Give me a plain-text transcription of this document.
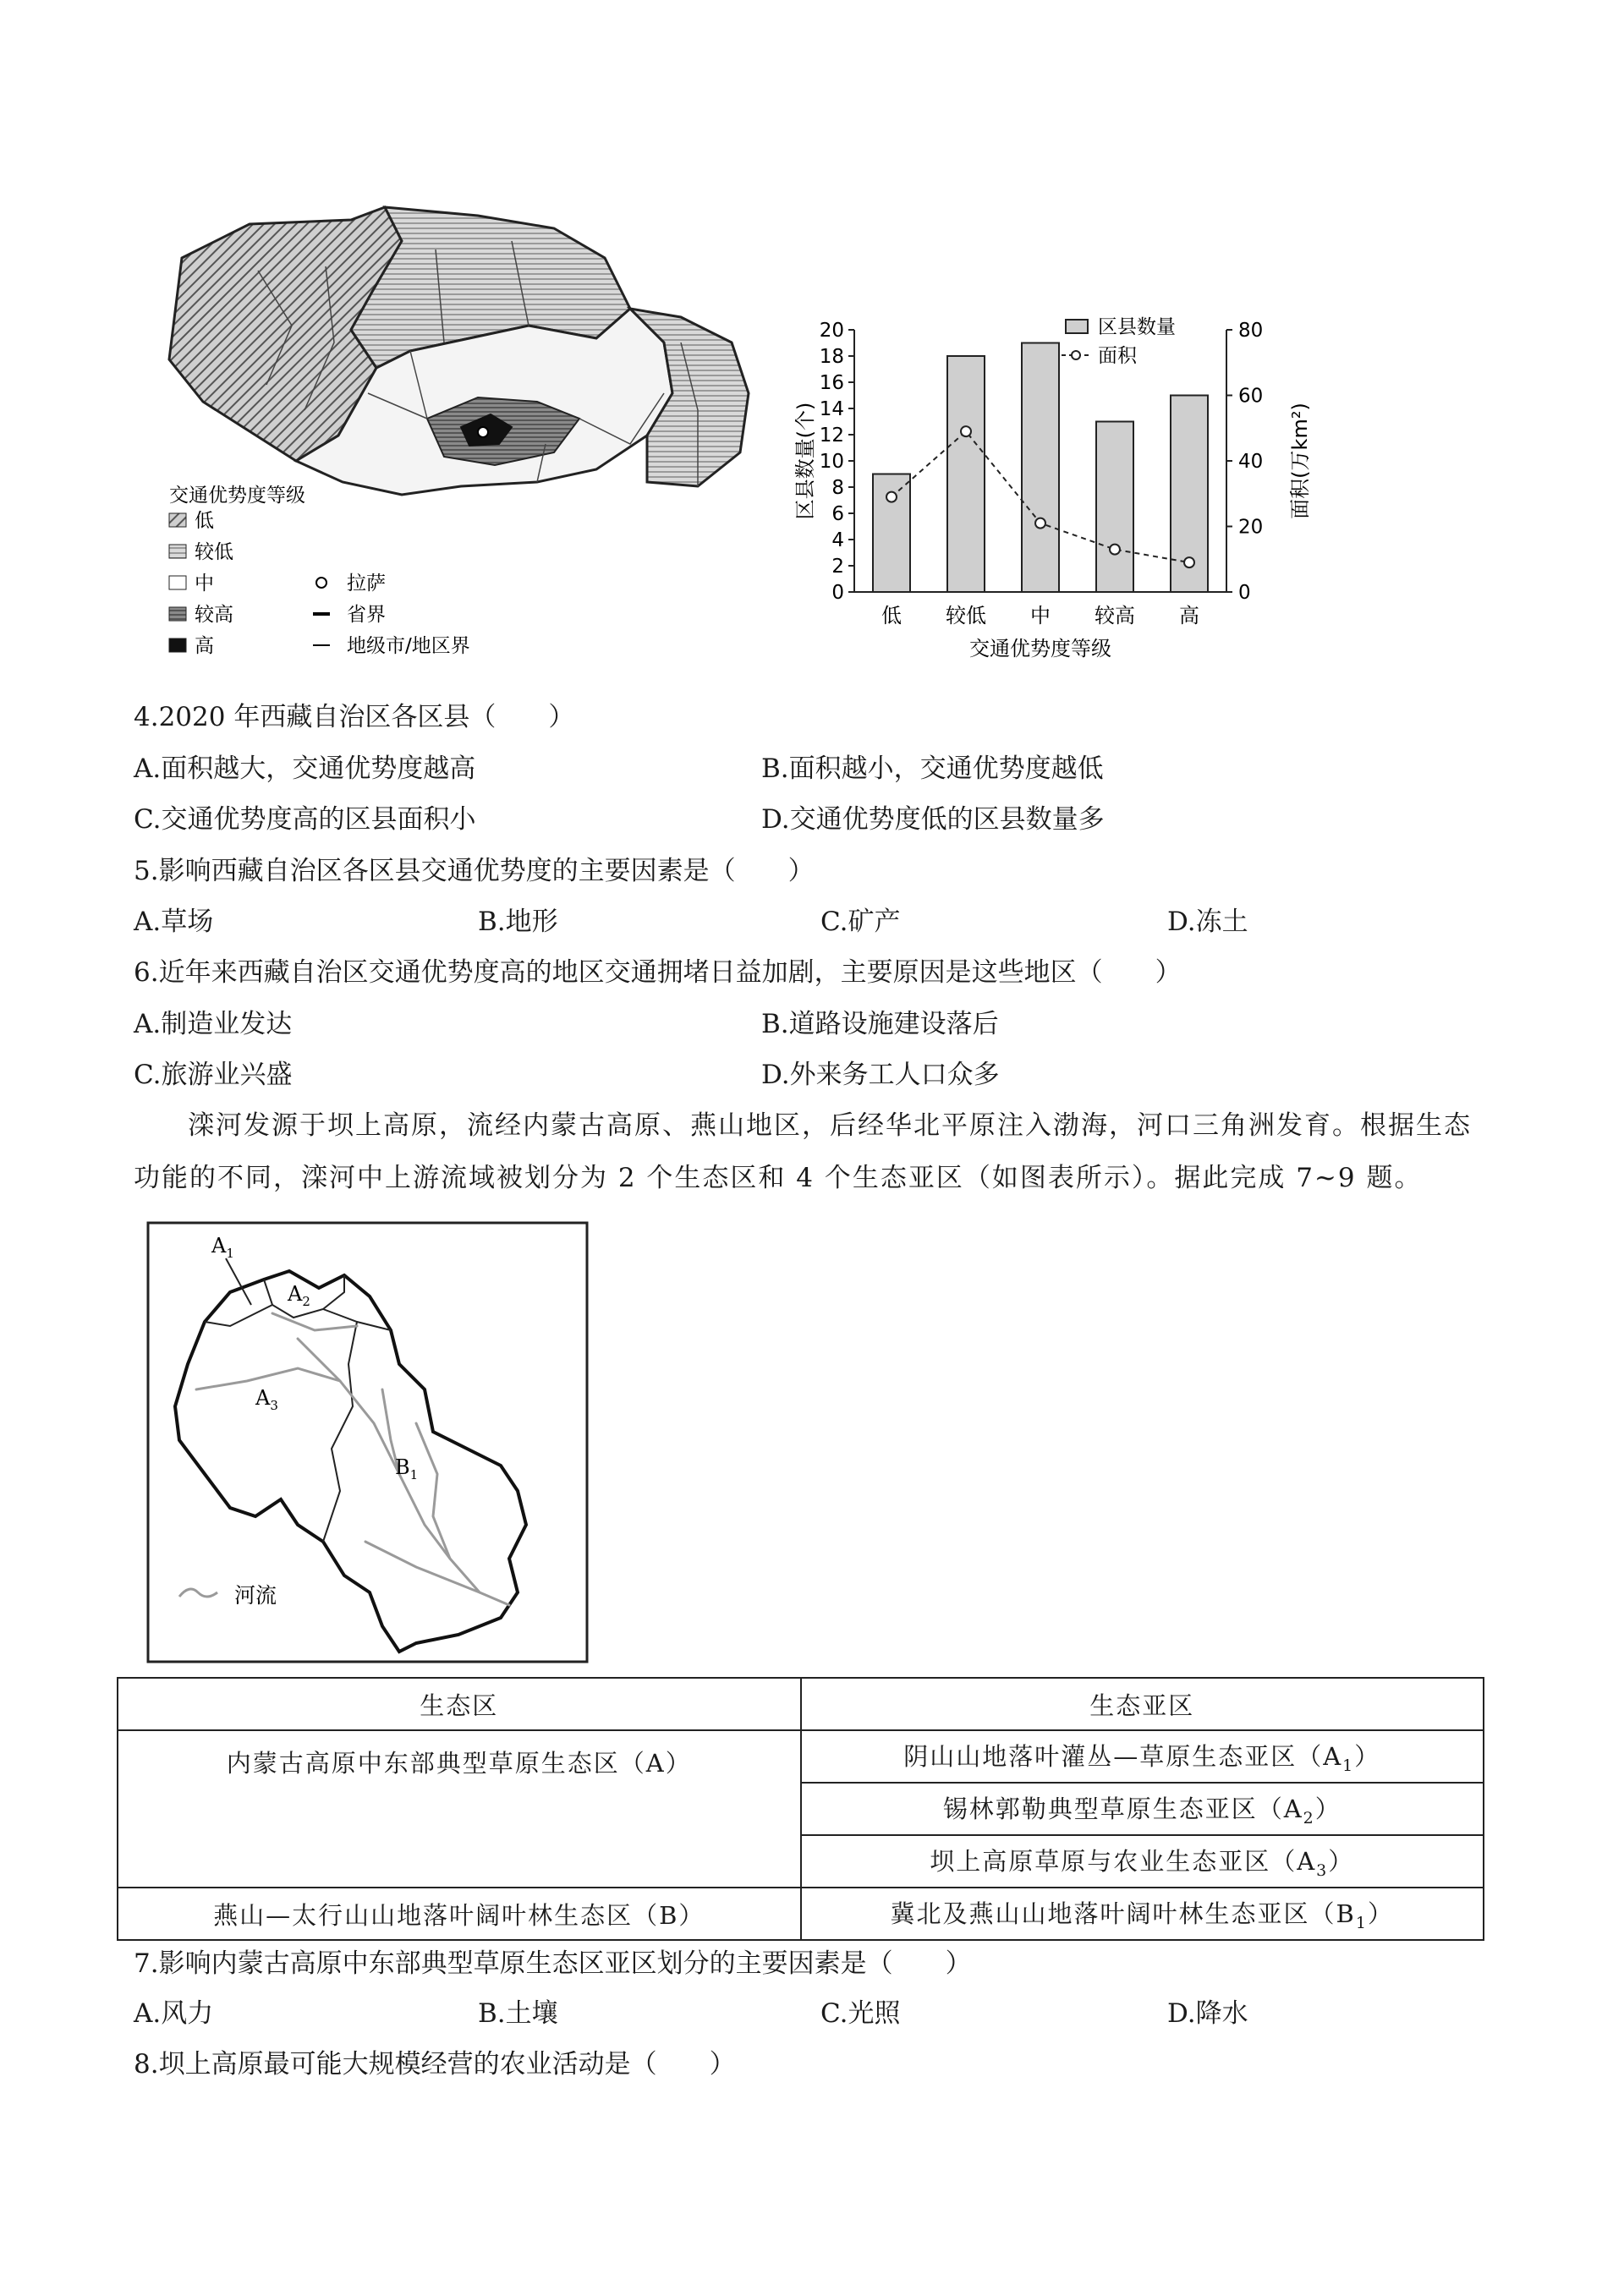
交通优势度等级
低
较低
中
较高
高
拉萨
省界
地级市/地区界
0
2
4
6
8
10
12
14
16
18
20
0
20
40
60
80
区县数量(个)	面积(万km²)
交通优势度等级
低 较低 中 较高 高
区县数量
面积
4.2020 年西藏自治区各区县（　　）
A.面积越大，交通优势度越高	B.面积越小，交通优势度越低
C.交通优势度高的区县面积小	D.交通优势度低的区县数量多
5.影响西藏自治区各区县交通优势度的主要因素是（　　）
A.草场	B.地形	C.矿产	D.冻土
6.近年来西藏自治区交通优势度高的地区交通拥堵日益加剧，主要原因是这些地区（　　）
A.制造业发达	B.道路设施建设落后
C.旅游业兴盛	D.外来务工人口众多
滦河发源于坝上高原，流经内蒙古高原、燕山地区，后经华北平原注入渤海，河口三角洲发育。根据生态功能的不同，滦河中上游流域被划分为 2 个生态区和 4 个生态亚区（如图表所示）。据此完成 7~9 题。
$A_1$
$A_2$
$A_3$
$B_1$
河流
生态区	生态亚区
内蒙古高原中东部典型草原生态区（A）	阴山山地落叶灌丛—草原生态亚区$(A_1)$
	锡林郭勒典型草原生态亚区$(A_2)$
	坝上高原草原与农业生态亚区$(A_3)$
燕山—太行山山地落叶阔叶林生态区（B）	冀北及燕山山地落叶阔叶林生态亚区$(B_1)$
7.影响内蒙古高原中东部典型草原生态区亚区划分的主要因素是（　　）
A.风力	B.土壤	C.光照	D.降水
8.坝上高原最可能大规模经营的农业活动是（　　）
